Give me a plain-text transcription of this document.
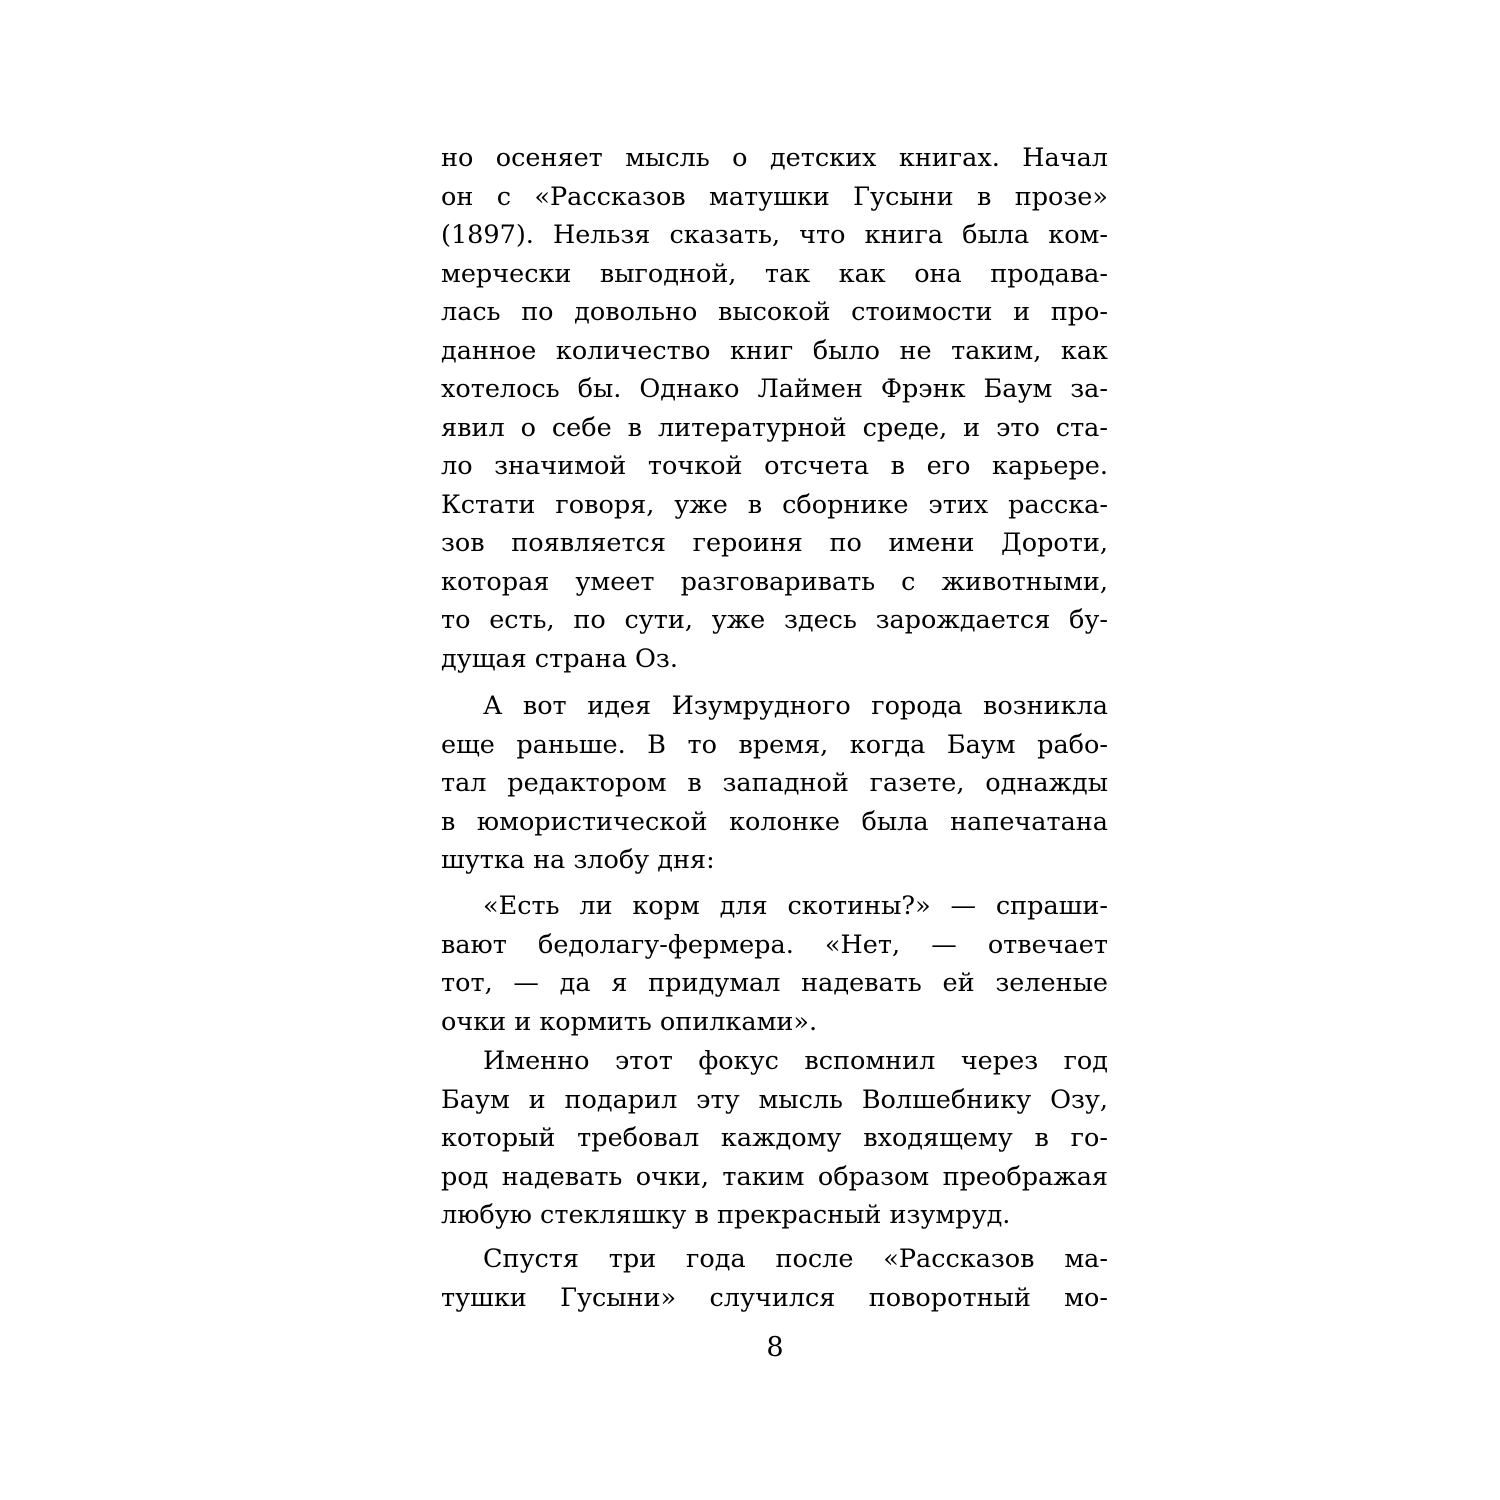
но осеняет мысль о детских книгах. Начал
он с «Рассказов матушки Гусыни в прозе»
(1897). Нельзя сказать, что книга была ком-
мерчески выгодной, так как она продава-
лась по довольно высокой стоимости и про-
данное количество книг было не таким, как
хотелось бы. Однако Лаймен Фрэнк Баум за-
явил о себе в литературной среде, и это ста-
ло значимой точкой отсчета в его карьере.
Кстати говоря, уже в сборнике этих расска-
зов появляется героиня по имени Дороти,
которая умеет разговаривать с животными,
то есть, по сути, уже здесь зарождается бу-
дущая страна Оз.
А вот идея Изумрудного города возникла
еще раньше. В то время, когда Баум рабо-
тал редактором в западной газете, однажды
в юмористической колонке была напечатана
шутка на злобу дня:
«Есть ли корм для скотины?» — спраши-
вают бедолагу-фермера. «Нет, — отвечает
тот, — да я придумал надевать ей зеленые
очки и кормить опилками».
Именно этот фокус вспомнил через год
Баум и подарил эту мысль Волшебнику Озу,
который требовал каждому входящему в го-
род надевать очки, таким образом преображая
любую стекляшку в прекрасный изумруд.
Спустя три года после «Рассказов ма-
тушки Гусыни» случился поворотный мо-
8
